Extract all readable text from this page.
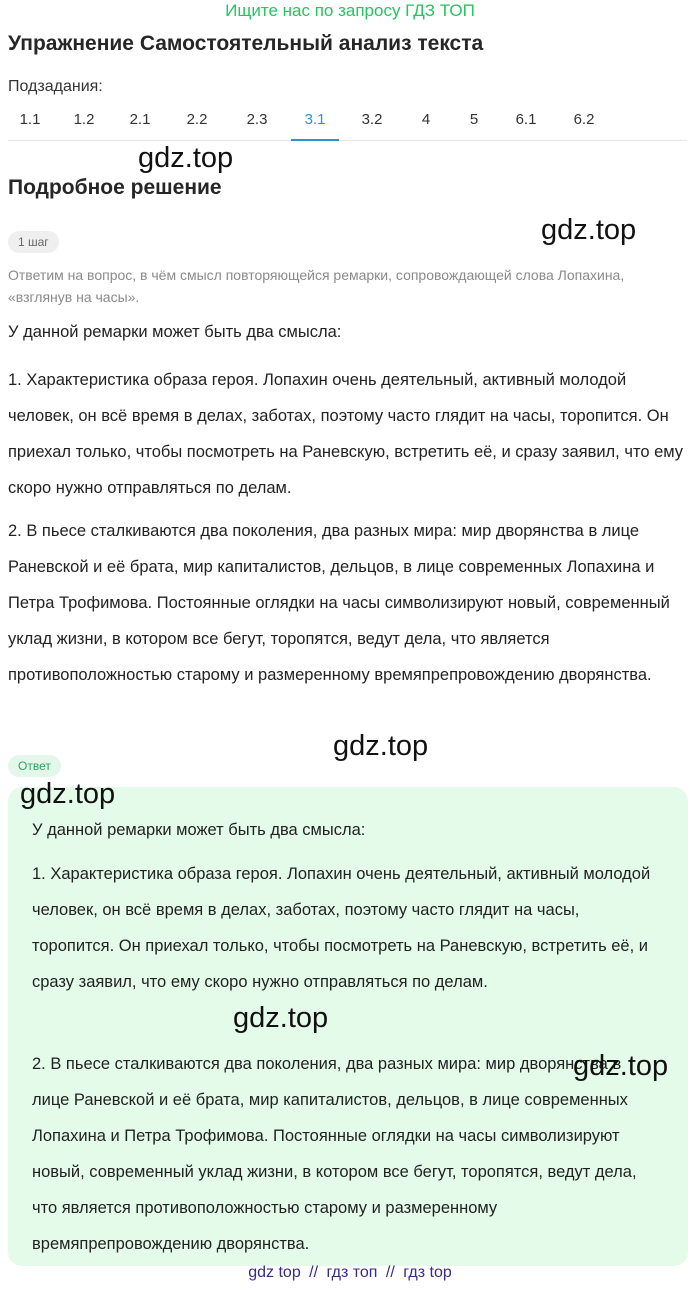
Ищите нас по запросу ГДЗ ТОП
Упражнение Самостоятельный анализ текста
Подзадания:
1.1	1.2	2.1	2.2	2.3	3.1	3.2	4	5	6.1	6.2
gdz.top
Подробное решение
gdz.top
1 шаг
Ответим на вопрос, в чём смысл повторяющейся ремарки, сопровождающей слова Лопахина, «взглянув на часы».
У данной ремарки может быть два смысла:
1. Характеристика образа героя. Лопахин очень деятельный, активный молодой человек, он всё время в делах, заботах, поэтому часто глядит на часы, торопится. Он приехал только, чтобы посмотреть на Раневскую, встретить её, и сразу заявил, что ему скоро нужно отправляться по делам.
2. В пьесе сталкиваются два поколения, два разных мира: мир дворянства в лице Раневской и её брата, мир капиталистов, дельцов, в лице современных Лопахина и Петра Трофимова. Постоянные оглядки на часы символизируют новый, современный уклад жизни, в котором все бегут, торопятся, ведут дела, что является противоположностью старому и размеренному времяпрепровождению дворянства.
gdz.top
Ответ
gdz.top
У данной ремарки может быть два смысла:
1. Характеристика образа героя. Лопахин очень деятельный, активный молодой человек, он всё время в делах, заботах, поэтому часто глядит на часы, торопится. Он приехал только, чтобы посмотреть на Раневскую, встретить её, и сразу заявил, что ему скоро нужно отправляться по делам.
2. В пьесе сталкиваются два поколения, два разных мира: мир дворянства в лице Раневской и её брата, мир капиталистов, дельцов, в лице современных Лопахина и Петра Трофимова. Постоянные оглядки на часы символизируют новый, современный уклад жизни, в котором все бегут, торопятся, ведут дела, что является противоположностью старому и размеренному времяпрепровождению дворянства.
gdz.top
gdz.top
gdz top // гдз топ // гдз top
